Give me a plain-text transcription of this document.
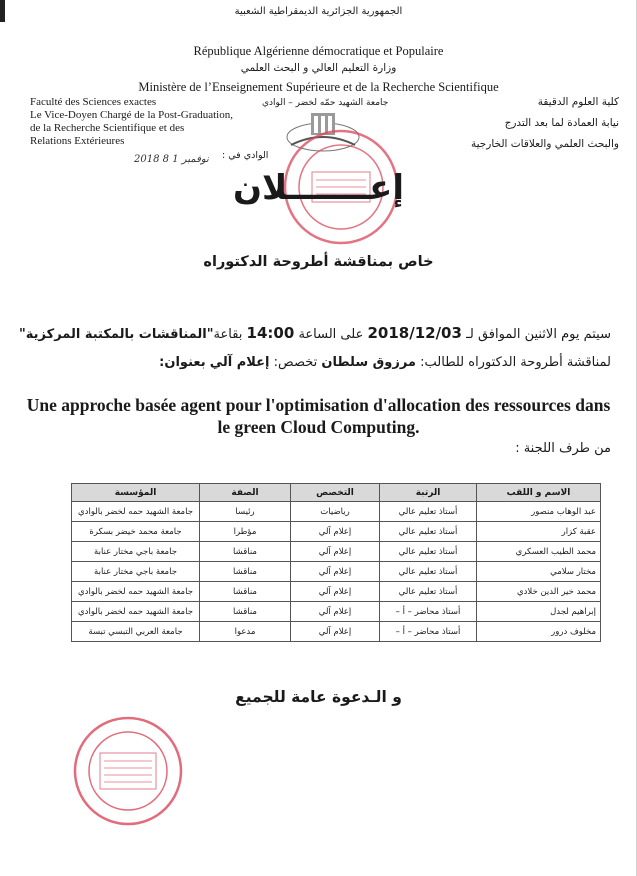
الجمهورية الجزائرية الديمقراطية الشعبية
République Algérienne démocratique et Populaire
وزارة التعليم العالي و البحث العلمي
Ministère de l’Enseignement Supérieure et de la Recherche Scientifique
Faculté des Sciences exactes
Le Vice-Doyen Chargé de la Post-Graduation,
de la Recherche Scientifique et des
Relations Extérieures
جامعة الشهيد حمّه لخضر – الوادي	كلية العلوم الدقيقة
نيابة العمادة لما بعد التدرج
والبحث العلمي والعلاقات الخارجية
الوادي في :
2018 نوفمبر 1 8
إعـــــــلان
خاص بمناقشة أطروحة الدكتوراه
سيتم يوم الاثنين الموافق لـ 2018/12/03 على الساعة 14:00 بقاعة"المناقشات بالمكتبة المركزية"
لمناقشة أطروحة الدكتوراه للطالب: مرزوق سلطان تخصص: إعلام آلي بعنوان:
Une approche basée agent pour l'optimisation d'allocation des ressources dans le green Cloud Computing.
من طرف اللجنة :
الاسم و اللقب	الرتبة	التخصص	الصفة	المؤسسة
عبد الوهاب منصور	أستاذ تعليم عالي	رياضيات	رئيسا	جامعة الشهيد حمه لخضر بالوادي
عقبة كزار	أستاذ تعليم عالي	إعلام آلي	مؤطرا	جامعة محمد خيضر بسكرة
محمد الطيب العسكري	أستاذ تعليم عالي	إعلام آلي	مناقشا	جامعة باجي مختار عنابة
مختار سلامي	أستاذ تعليم عالي	إعلام آلي	مناقشا	جامعة باجي مختار عنابة
محمد خير الدين خلادي	أستاذ تعليم عالي	إعلام آلي	مناقشا	جامعة الشهيد حمه لخضر بالوادي
إبراهيم لجدل	أستاذ محاضر – أ –	إعلام آلي	مناقشا	جامعة الشهيد حمه لخضر بالوادي
مخلوف درور	أستاذ محاضر – أ –	إعلام آلي	مدعوا	جامعة العربي التبسي تبسة
و الـدعوة عامة للجميع
